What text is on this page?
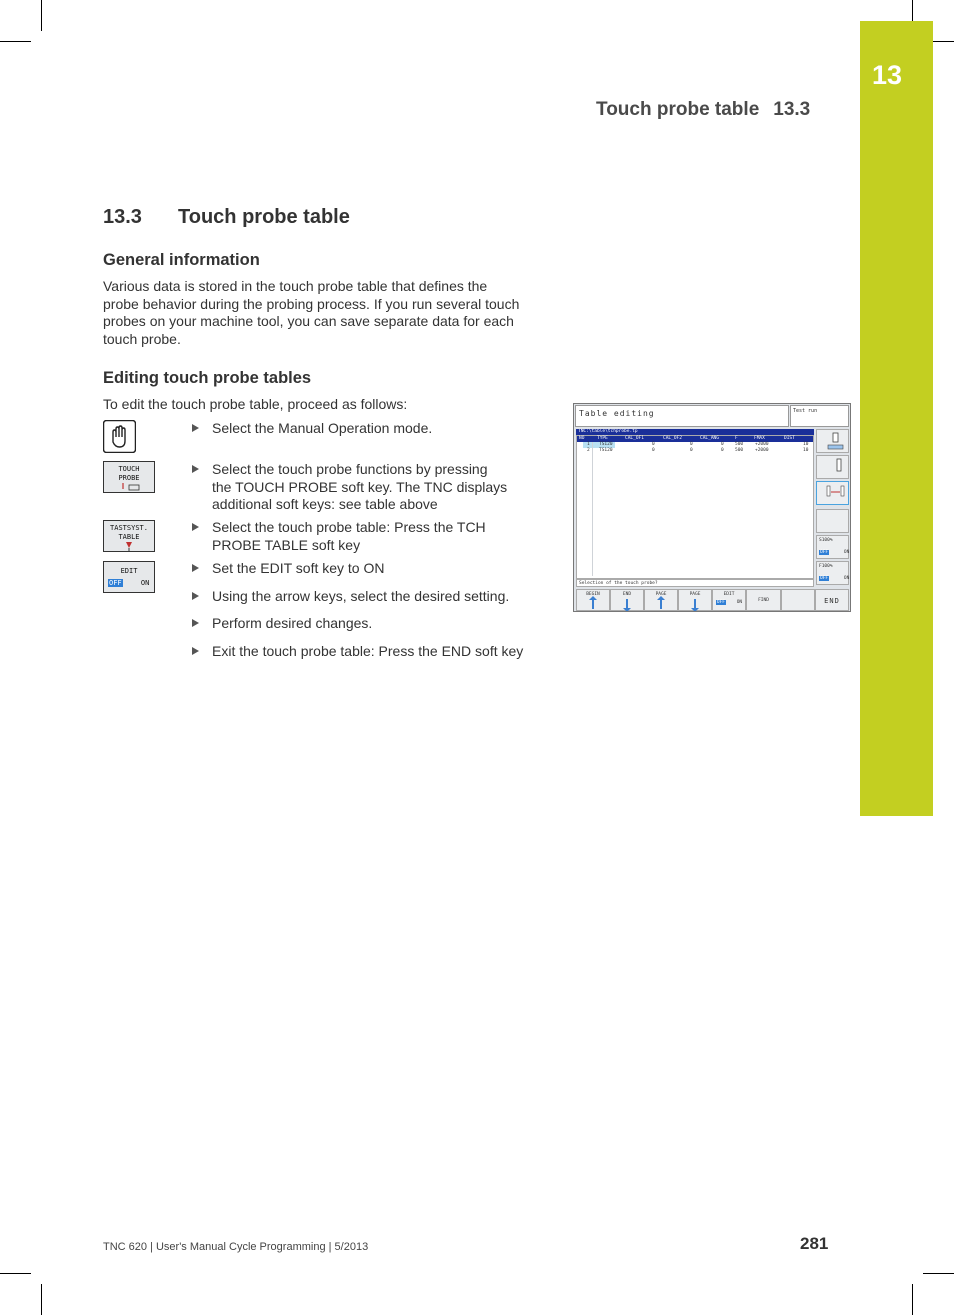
13
Touch probe table 13.3
13.3 Touch probe table
General information
Various data is stored in the touch probe table that defines the
probe behavior during the probing process. If you run several touch
probes on your machine tool, you can save separate data for each
touch probe.
Editing touch probe tables
To edit the touch probe table, proceed as follows:
TOUCH
PROBE
TASTSYST.
TABLE
EDIT
OFF	ON
Select the Manual Operation mode.
Select the touch probe functions by pressing
the TOUCH PROBE soft key. The TNC displays
additional soft keys: see table above
Select the touch probe table: Press the TCH
PROBE TABLE soft key
Set the EDIT soft key to ON
Using the arrow keys, select the desired setting.
Perform desired changes.
Exit the touch probe table: Press the END soft key
Table editing	Test run
TNC:\table\tchprobe.tp
NO	TYPE	CAL_OF1	CAL_OF2	CAL_ANG	F	FMAX	DIST
1 TS120	0	0	0	500	+2000	10
2 TS120	0	0	0	500	+2000	10
Selection of the touch probe?
S100%
OFF	ON
F100%
OFF	ON
BEGIN	END	PAGE	PAGE	EDIT
OFF	ON	FIND	END
TNC 620 | User's Manual Cycle Programming | 5/2013	281
